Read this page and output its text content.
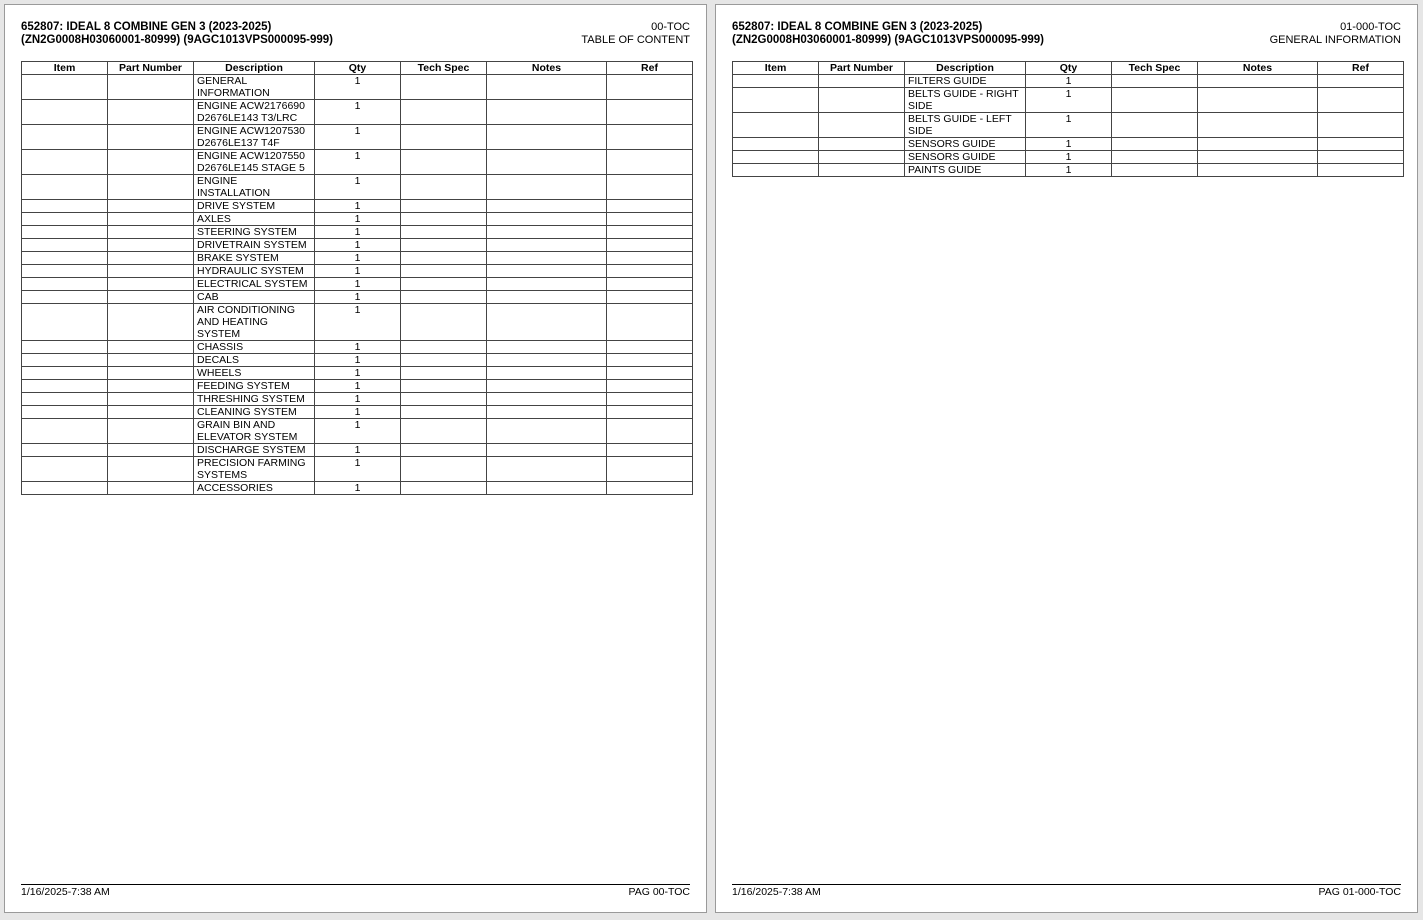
652807: IDEAL 8 COMBINE GEN 3 (2023-2025)
(ZN2G0008H03060001-80999) (9AGC1013VPS000095-999)
00-TOC
TABLE OF CONTENT
Item	Part Number	Description	Qty	Tech Spec	Notes	Ref
		GENERAL INFORMATION	1			
		ENGINE ACW2176690 D2676LE143 T3/LRC	1			
		ENGINE ACW1207530 D2676LE137 T4F	1			
		ENGINE ACW1207550 D2676LE145 STAGE 5	1			
		ENGINE INSTALLATION	1			
		DRIVE SYSTEM	1			
		AXLES	1			
		STEERING SYSTEM	1			
		DRIVETRAIN SYSTEM	1			
		BRAKE SYSTEM	1			
		HYDRAULIC SYSTEM	1			
		ELECTRICAL SYSTEM	1			
		CAB	1			
		AIR CONDITIONING AND HEATING SYSTEM	1			
		CHASSIS	1			
		DECALS	1			
		WHEELS	1			
		FEEDING SYSTEM	1			
		THRESHING SYSTEM	1			
		CLEANING SYSTEM	1			
		GRAIN BIN AND ELEVATOR SYSTEM	1			
		DISCHARGE SYSTEM	1			
		PRECISION FARMING SYSTEMS	1			
		ACCESSORIES	1			
1/16/2025-7:38 AM	PAG 00-TOC
652807: IDEAL 8 COMBINE GEN 3 (2023-2025)
(ZN2G0008H03060001-80999) (9AGC1013VPS000095-999)
01-000-TOC
GENERAL INFORMATION
Item	Part Number	Description	Qty	Tech Spec	Notes	Ref
		FILTERS GUIDE	1			
		BELTS GUIDE - RIGHT SIDE	1			
		BELTS GUIDE - LEFT SIDE	1			
		SENSORS GUIDE	1			
		SENSORS GUIDE	1			
		PAINTS GUIDE	1			
1/16/2025-7:38 AM	PAG 01-000-TOC
